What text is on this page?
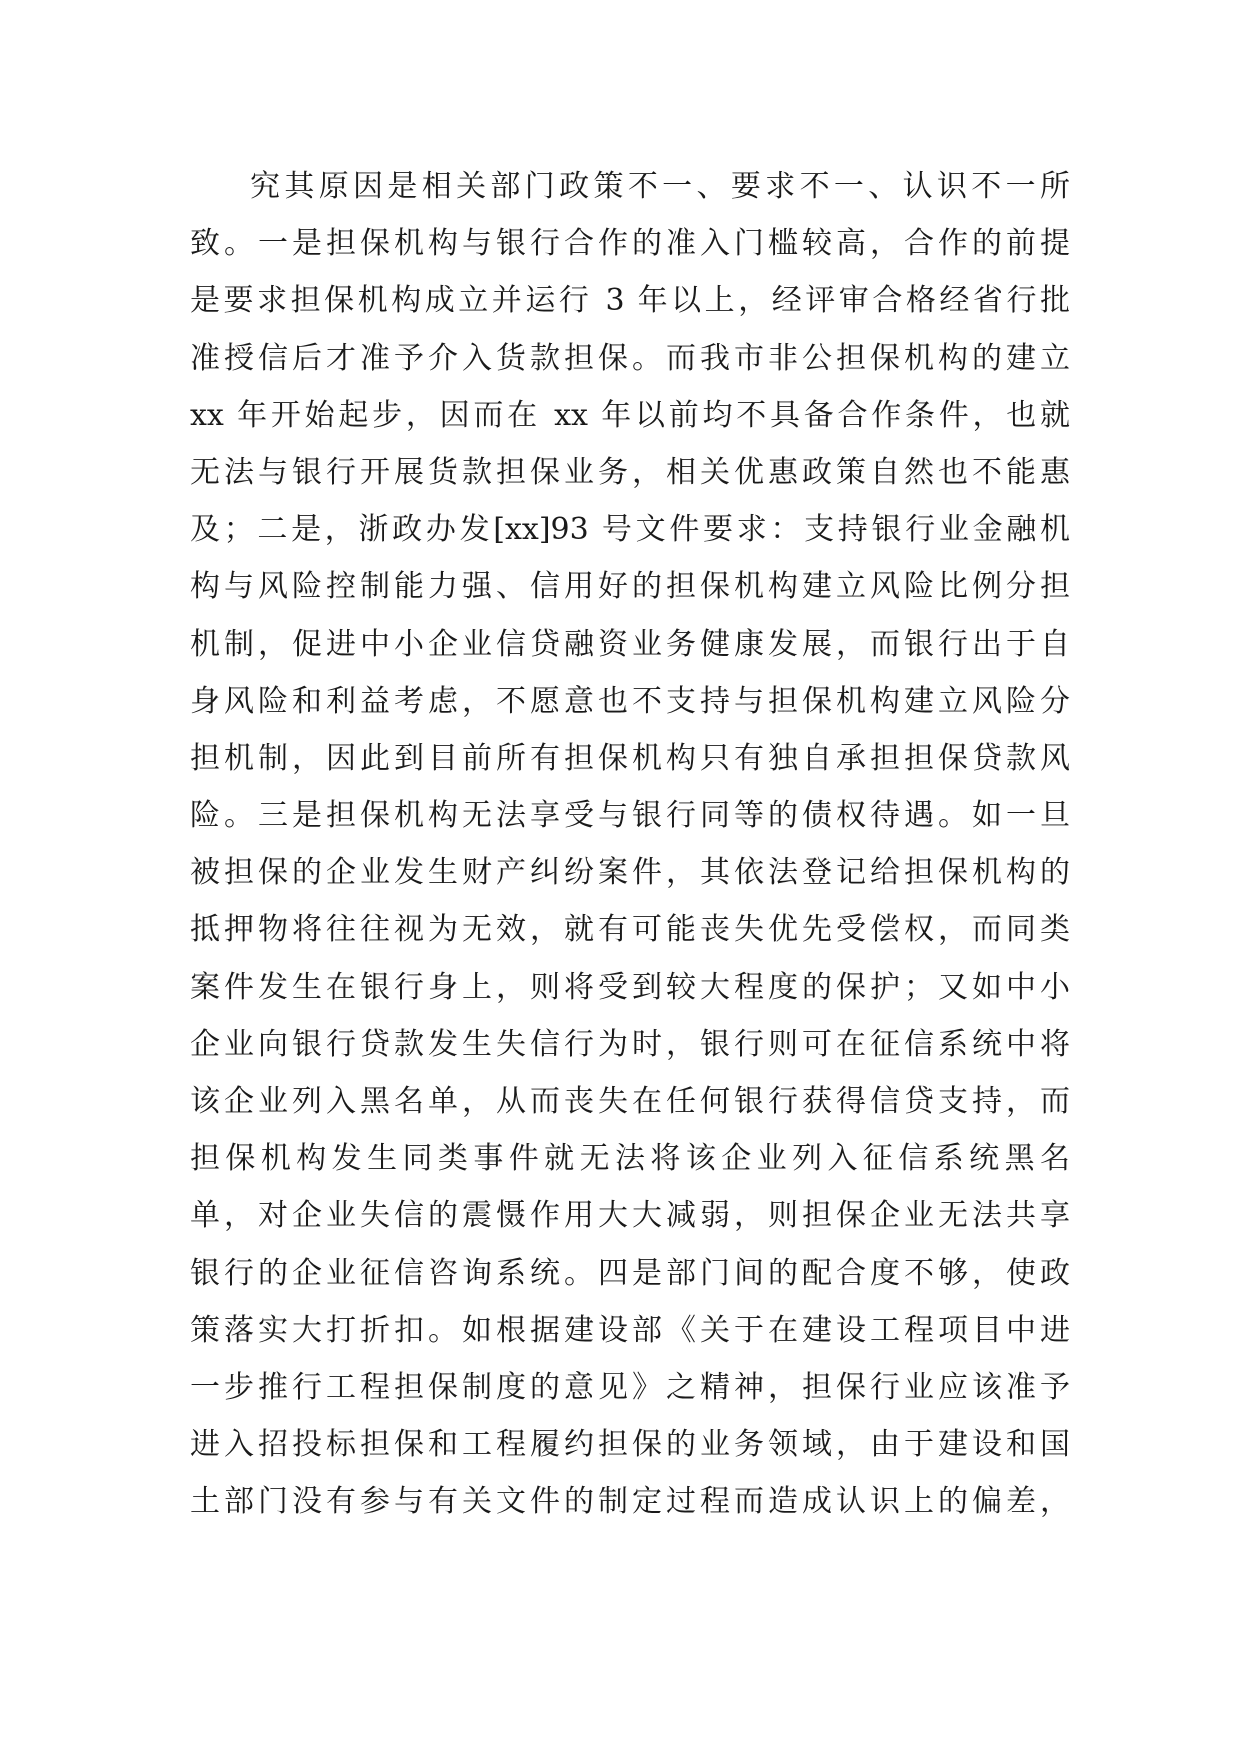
究其原因是相关部门政策不一、要求不一、认识不一所
致。一是担保机构与银行合作的准入门槛较高，合作的前提
是要求担保机构成立并运行 3 年以上，经评审合格经省行批
准授信后才准予介入货款担保。而我市非公担保机构的建立
xx 年开始起步，因而在 xx 年以前均不具备合作条件，也就
无法与银行开展货款担保业务，相关优惠政策自然也不能惠
及；二是，浙政办发[xx]93 号文件要求：支持银行业金融机
构与风险控制能力强、信用好的担保机构建立风险比例分担
机制，促进中小企业信贷融资业务健康发展，而银行出于自
身风险和利益考虑，不愿意也不支持与担保机构建立风险分
担机制，因此到目前所有担保机构只有独自承担担保贷款风
险。三是担保机构无法享受与银行同等的债权待遇。如一旦
被担保的企业发生财产纠纷案件，其依法登记给担保机构的
抵押物将往往视为无效，就有可能丧失优先受偿权，而同类
案件发生在银行身上，则将受到较大程度的保护；又如中小
企业向银行贷款发生失信行为时，银行则可在征信系统中将
该企业列入黑名单，从而丧失在任何银行获得信贷支持，而
担保机构发生同类事件就无法将该企业列入征信系统黑名
单，对企业失信的震慑作用大大减弱，则担保企业无法共享
银行的企业征信咨询系统。四是部门间的配合度不够，使政
策落实大打折扣。如根据建设部《关于在建设工程项目中进
一步推行工程担保制度的意见》之精神，担保行业应该准予
进入招投标担保和工程履约担保的业务领域，由于建设和国
土部门没有参与有关文件的制定过程而造成认识上的偏差，
